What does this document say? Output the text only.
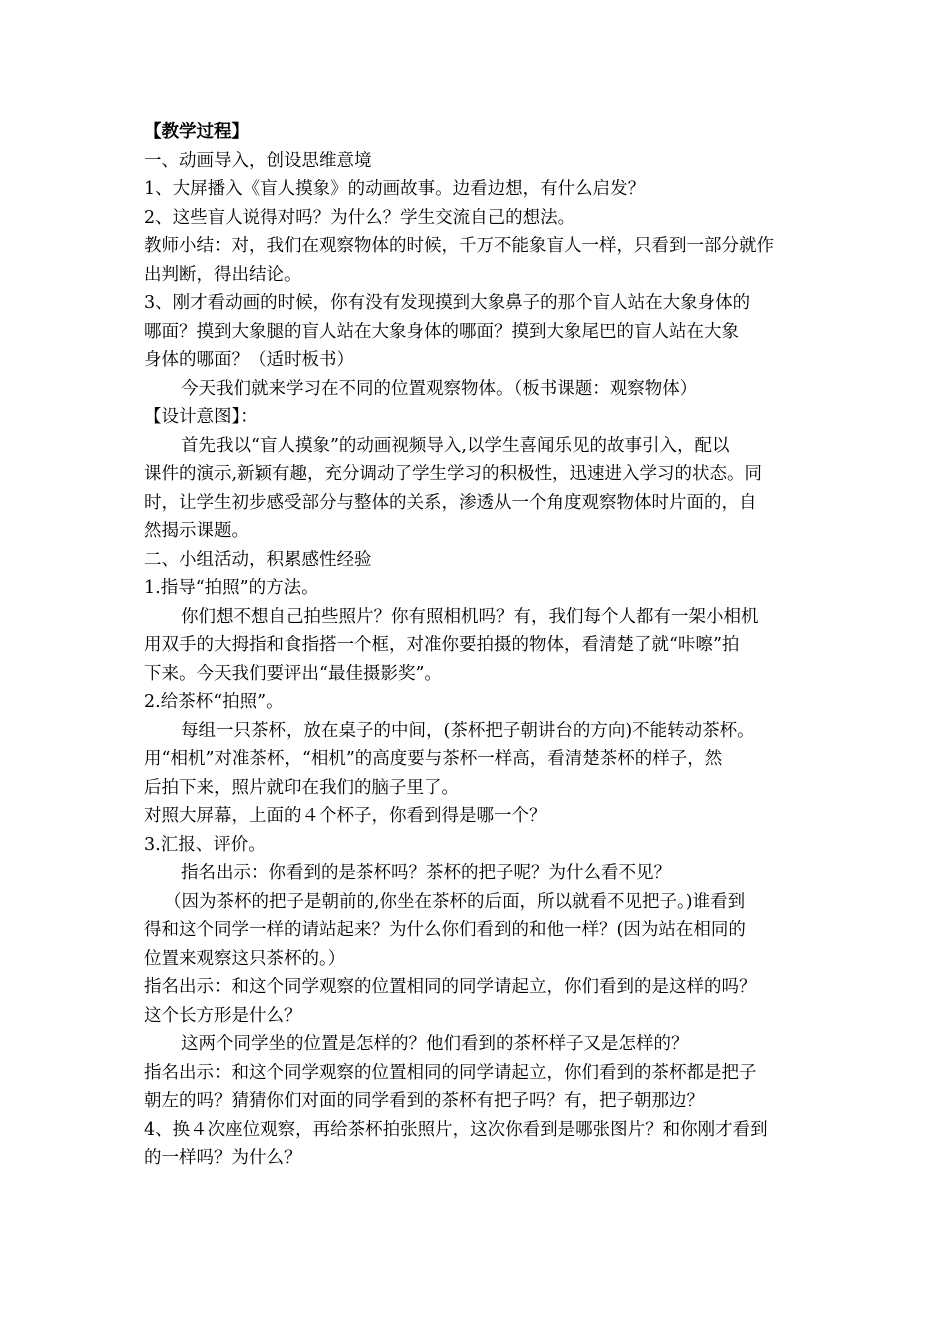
【教学过程】

一、动画导入，创设思维意境

1、大屏播入《盲人摸象》的动画故事。边看边想，有什么启发？

2、这些盲人说得对吗？为什么？学生交流自己的想法。

教师小结：对，我们在观察物体的时候，千万不能象盲人一样，只看到一部分就作

出判断，得出结论。

3、刚才看动画的时候，你有没有发现摸到大象鼻子的那个盲人站在大象身体的

哪面？摸到大象腿的盲人站在大象身体的哪面？摸到大象尾巴的盲人站在大象

身体的哪面？（适时板书）

今天我们就来学习在不同的位置观察物体。（板书课题：观察物体）

【设计意图】：

首先我以“盲人摸象”的动画视频导入,以学生喜闻乐见的故事引入，配以

课件的演示,新颖有趣，充分调动了学生学习的积极性，迅速进入学习的状态。同

时，让学生初步感受部分与整体的关系，渗透从一个角度观察物体时片面的，自

然揭示课题。

二、小组活动，积累感性经验

1.指导“拍照”的方法。

你们想不想自己拍些照片？你有照相机吗？有，我们每个人都有一架小相机

用双手的大拇指和食指搭一个框，对准你要拍摄的物体，看清楚了就“咔嚓”拍

下来。今天我们要评出“最佳摄影奖”。

2.给茶杯“拍照”。

每组一只茶杯，放在桌子的中间，(茶杯把子朝讲台的方向)不能转动茶杯。

用“相机”对准茶杯，“相机”的高度要与茶杯一样高，看清楚茶杯的样子，然

后拍下来，照片就印在我们的脑子里了。

对照大屏幕，上面的４个杯子，你看到得是哪一个？

3.汇报、评价。

指名出示：你看到的是茶杯吗？茶杯的把子呢？为什么看不见？

（因为茶杯的把子是朝前的,你坐在茶杯的后面，所以就看不见把子。)谁看到

得和这个同学一样的请站起来？为什么你们看到的和他一样？(因为站在相同的

位置来观察这只茶杯的。）

指名出示：和这个同学观察的位置相同的同学请起立，你们看到的是这样的吗？

这个长方形是什么？

这两个同学坐的位置是怎样的？他们看到的茶杯样子又是怎样的？

指名出示：和这个同学观察的位置相同的同学请起立，你们看到的茶杯都是把子

朝左的吗？猜猜你们对面的同学看到的茶杯有把子吗？有，把子朝那边？

4、换４次座位观察，再给茶杯拍张照片，这次你看到是哪张图片？和你刚才看到

的一样吗？为什么？
